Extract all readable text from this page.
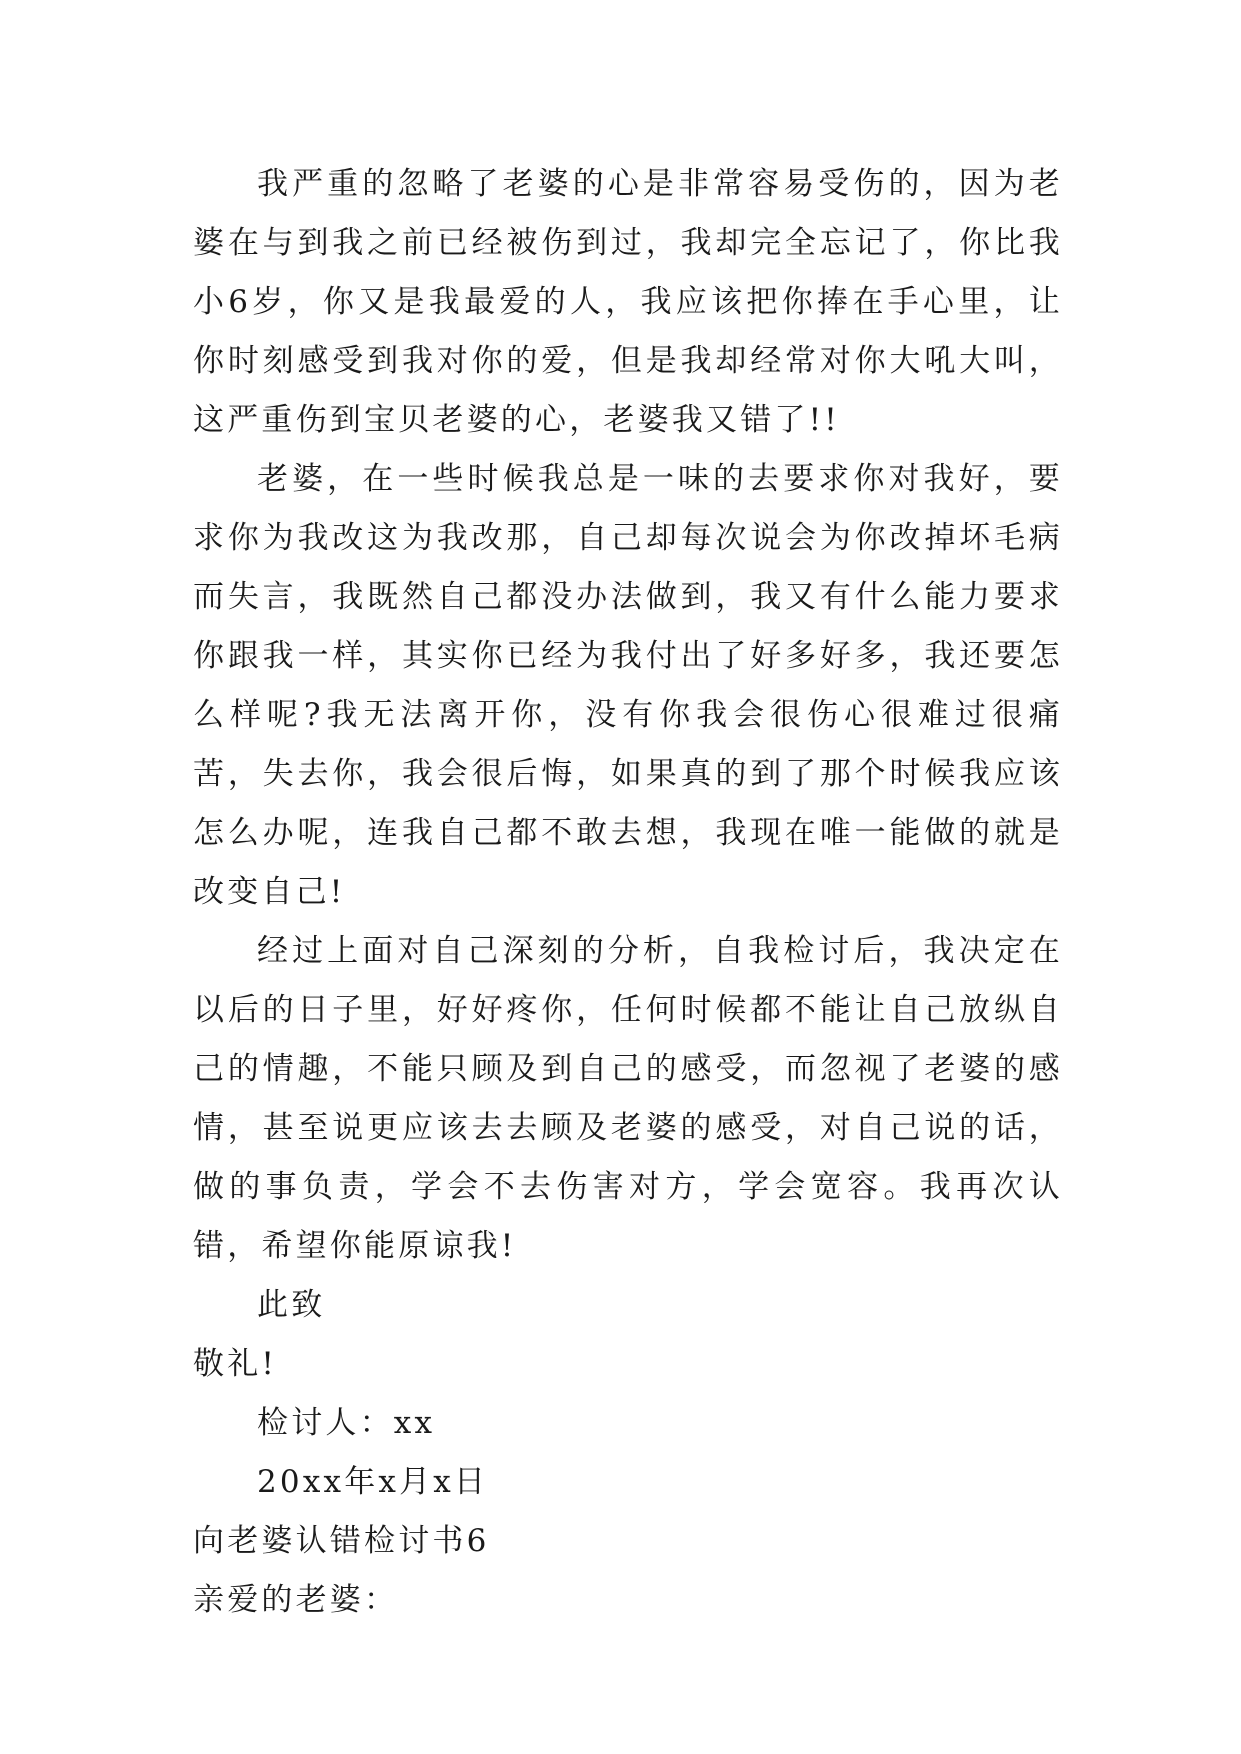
我严重的忽略了老婆的心是非常容易受伤的，因为老婆在与到我之前已经被伤到过，我却完全忘记了，你比我小6岁，你又是我最爱的人，我应该把你捧在手心里，让你时刻感受到我对你的爱，但是我却经常对你大吼大叫，这严重伤到宝贝老婆的心，老婆我又错了!!

老婆，在一些时候我总是一味的去要求你对我好，要求你为我改这为我改那，自己却每次说会为你改掉坏毛病而失言，我既然自己都没办法做到，我又有什么能力要求你跟我一样，其实你已经为我付出了好多好多，我还要怎么样呢?我无法离开你，没有你我会很伤心很难过很痛苦，失去你，我会很后悔，如果真的到了那个时候我应该怎么办呢，连我自己都不敢去想，我现在唯一能做的就是改变自己!

经过上面对自己深刻的分析，自我检讨后，我决定在以后的日子里，好好疼你，任何时候都不能让自己放纵自己的情趣，不能只顾及到自己的感受，而忽视了老婆的感情，甚至说更应该去去顾及老婆的感受，对自己说的话，做的事负责，学会不去伤害对方，学会宽容。我再次认错，希望你能原谅我!

此致

敬礼!

检讨人：xx

20xx年x月x日

向老婆认错检讨书6

亲爱的老婆：
